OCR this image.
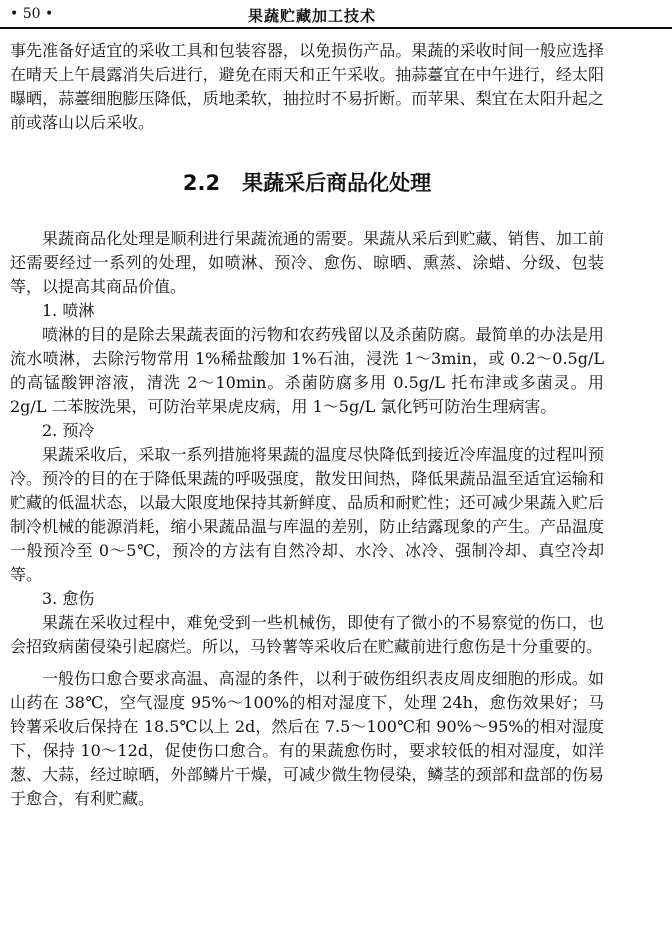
• 50 •	果蔬贮藏加工技术

事先准备好适宜的采收工具和包装容器，以免损伤产品。果蔬的采收时间一般应选择在晴天上午晨露消失后进行，避免在雨天和正午采收。抽蒜薹宜在中午进行，经太阳曝晒，蒜薹细胞膨压降低，质地柔软，抽拉时不易折断。而苹果、梨宜在太阳升起之前或落山以后采收。

2.2 果蔬采后商品化处理

果蔬商品化处理是顺利进行果蔬流通的需要。果蔬从采后到贮藏、销售、加工前还需要经过一系列的处理，如喷淋、预冷、愈伤、晾晒、熏蒸、涂蜡、分级、包装等，以提高其商品价值。

1. 喷淋

喷淋的目的是除去果蔬表面的污物和农药残留以及杀菌防腐。最简单的办法是用流水喷淋，去除污物常用 1%稀盐酸加 1%石油，浸洗 1～3min，或 0.2～0.5g/L 的高锰酸钾溶液，清洗 2～10min。杀菌防腐多用 0.5g/L 托布津或多菌灵。用 2g/L 二苯胺洗果，可防治苹果虎皮病，用 1～5g/L 氯化钙可防治生理病害。

2. 预冷

果蔬采收后，采取一系列措施将果蔬的温度尽快降低到接近冷库温度的过程叫预冷。预冷的目的在于降低果蔬的呼吸强度，散发田间热，降低果蔬品温至适宜运输和贮藏的低温状态，以最大限度地保持其新鲜度、品质和耐贮性；还可减少果蔬入贮后制冷机械的能源消耗，缩小果蔬品温与库温的差别，防止结露现象的产生。产品温度一般预冷至 0～5℃，预冷的方法有自然冷却、水冷、冰冷、强制冷却、真空冷却等。

3. 愈伤

果蔬在采收过程中，难免受到一些机械伤，即使有了微小的不易察觉的伤口，也会招致病菌侵染引起腐烂。所以，马铃薯等采收后在贮藏前进行愈伤是十分重要的。

一般伤口愈合要求高温、高湿的条件，以利于破伤组织表皮周皮细胞的形成。如山药在 38℃，空气湿度 95%～100%的相对湿度下，处理 24h，愈伤效果好；马铃薯采收后保持在 18.5℃以上 2d，然后在 7.5～100℃和 90%～95%的相对湿度下，保持 10～12d，促使伤口愈合。有的果蔬愈伤时，要求较低的相对湿度，如洋葱、大蒜，经过晾晒，外部鳞片干燥，可减少微生物侵染，鳞茎的颈部和盘部的伤易于愈合，有利贮藏。
